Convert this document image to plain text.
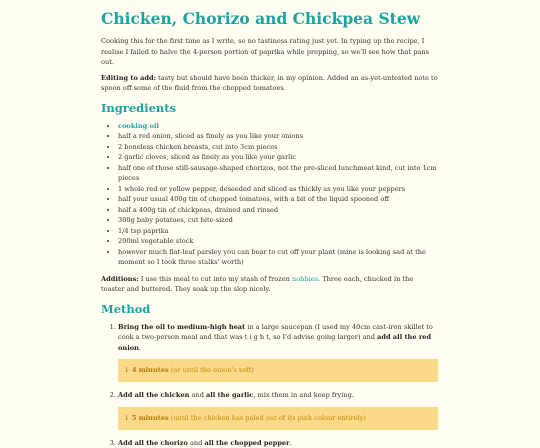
Chicken, Chorizo and Chickpea Stew

Cooking this for the first time as I write, so no tastiness rating just yet. In typing up the recipe, I realise I failed to halve the 4-person portion of paprika while prepping, so we'll see how that pans out.

Editing to add: tasty but should have been thicker, in my opinion. Added an as-yet-untested note to spoon off some of the fluid from the chopped tomatoes.

Ingredients
• cooking oil
• half a red onion, sliced as finely as you like your onions
• 2 boneless chicken breasts, cut into 3cm pieces
• 2 garlic cloves, sliced as finely as you like your garlic
• half one of those still-sausage-shaped chorizos, not the pre-sliced lunchmeat kind, cut into 1cm pieces
• 1 whole red or yellow pepper, deseeded and sliced as thickly as you like your peppers
• half your usual 400g tin of chopped tomatoes, with a bit of the liquid spooned off
• half a 400g tin of chickpeas, drained and rinsed
• 300g baby potatoes, cut bite-sized
• 1/4 tsp paprika
• 200ml vegetable stock
• however much flat-leaf parsley you can bear to cut off your plant (mine is looking sad at the moment so I took three stalks' worth)

Additions: I use this meal to cut into my stash of frozen nobbies. Three each, chucked in the toaster and buttered. They soak up the slop nicely.

Method
1. Bring the oil to medium-high heat in a large saucepan (I used my 40cm cast-iron skillet to cook a two-person meal and that was t i g h t, so I'd advise going larger) and add all the red onion.
↓ 4 minutes (or until the onion's soft)
2. Add all the chicken and all the garlic, mix them in and keep frying.
↓ 5 minutes (until the chicken has paled out of its pink colour entirely)
3. Add all the chorizo and all the chopped pepper.
